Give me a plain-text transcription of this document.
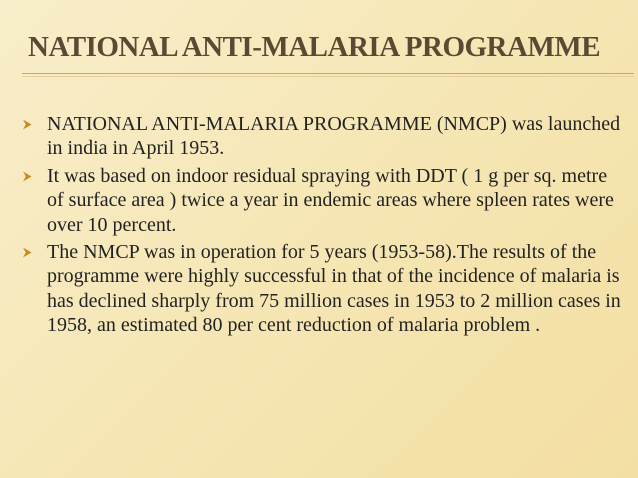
NATIONAL ANTI-MALARIA PROGRAMME
NATIONAL ANTI-MALARIA PROGRAMME (NMCP) was launched in india in April 1953.
It was based on indoor residual spraying with DDT ( 1 g per sq. metre of surface area ) twice a year in endemic areas where spleen rates were over 10 percent.
The NMCP was in operation for 5 years (1953-58).The results of the programme were highly successful in that of the incidence of malaria is has declined sharply from 75 million cases in 1953 to 2 million cases in 1958, an estimated 80 per cent reduction of malaria problem .
